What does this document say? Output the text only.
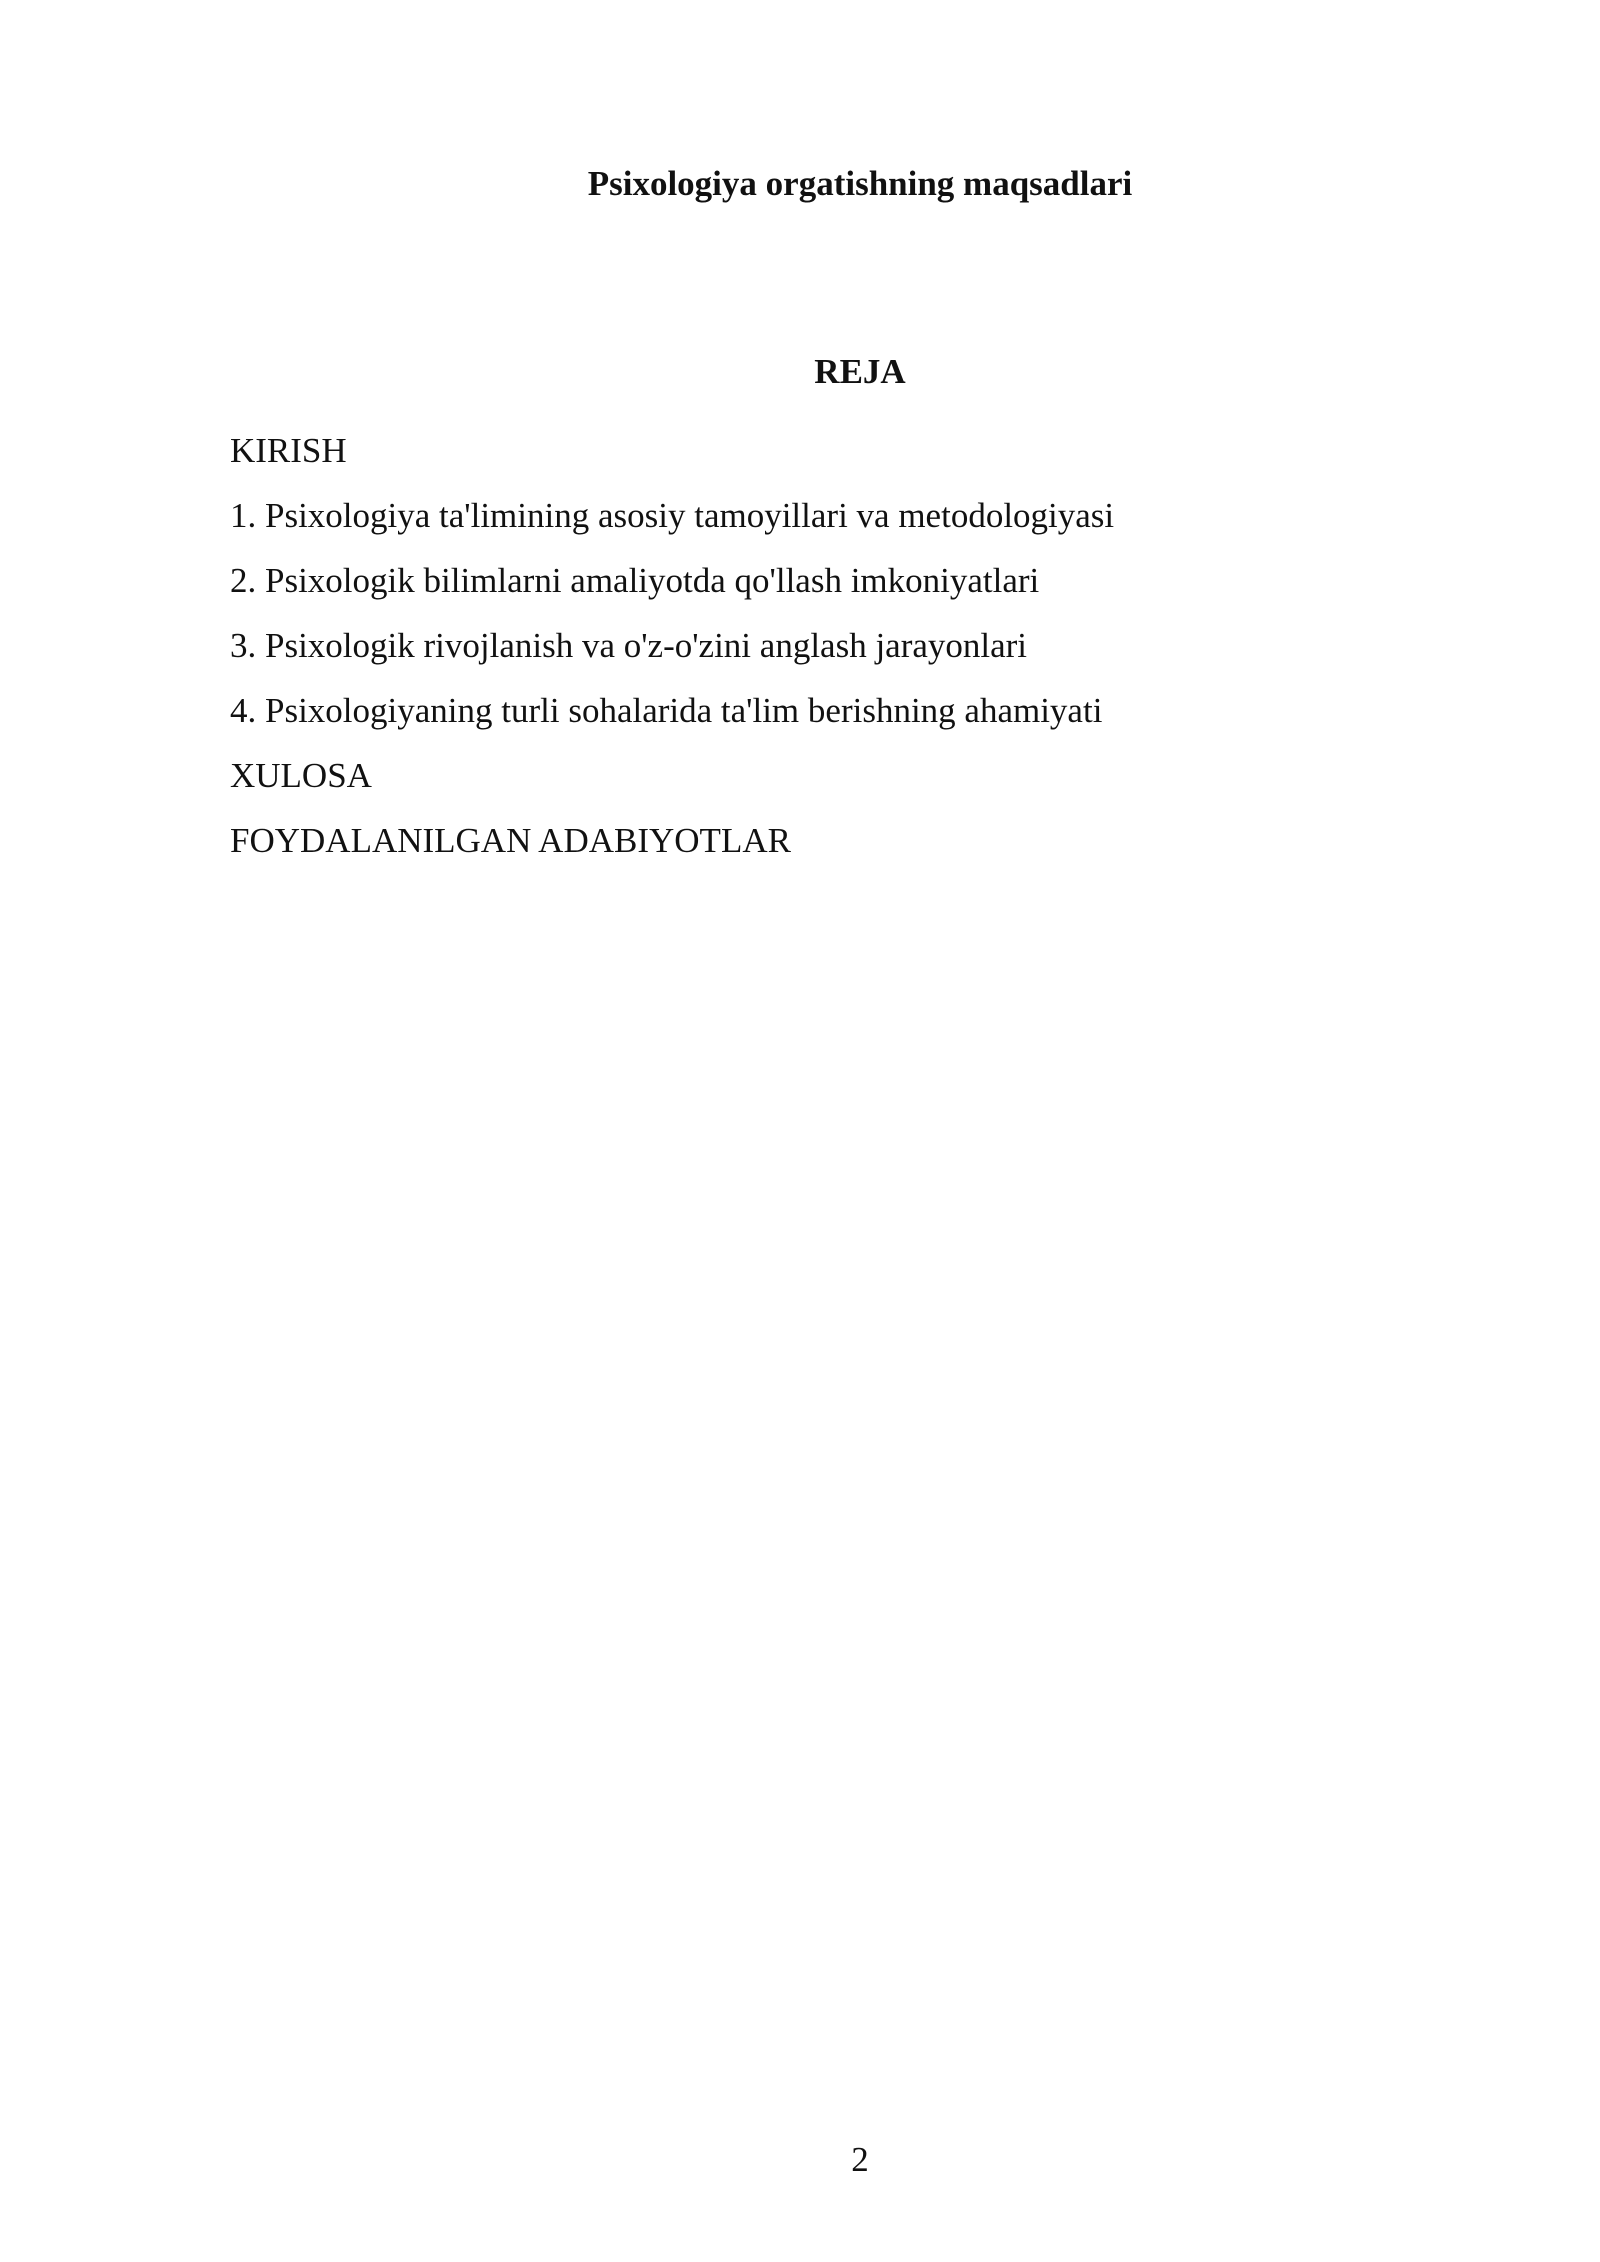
Psixologiya orgatishning maqsadlari
REJA
KIRISH
1. Psixologiya ta'limining asosiy tamoyillari va metodologiyasi
2. Psixologik bilimlarni amaliyotda qo'llash imkoniyatlari
3. Psixologik rivojlanish va o'z-o'zini anglash jarayonlari
4. Psixologiyaning turli sohalarida ta'lim berishning ahamiyati
XULOSA
FOYDALANILGAN ADABIYOTLAR
2
